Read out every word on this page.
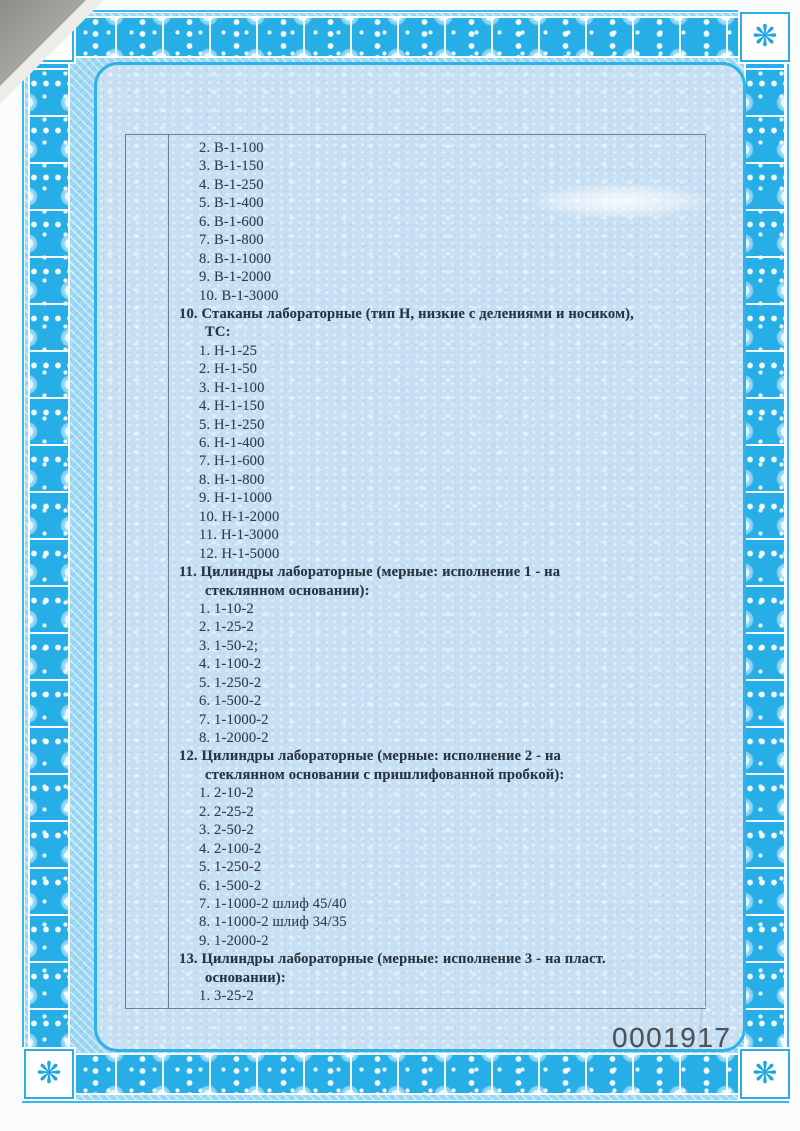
❋
❋	❋
2. В-1-100
3. В-1-150
4. В-1-250
5. В-1-400
6. В-1-600
7. В-1-800
8. В-1-1000
9. В-1-2000
10. В-1-3000
10. Стаканы лабораторные (тип Н, низкие с делениями и носиком),
ТС:
1. Н-1-25
2. Н-1-50
3. Н-1-100
4. Н-1-150
5. Н-1-250
6. Н-1-400
7. Н-1-600
8. Н-1-800
9. Н-1-1000
10. Н-1-2000
11. Н-1-3000
12. Н-1-5000
11. Цилиндры лабораторные (мерные: исполнение 1 - на
стеклянном основании):
1. 1-10-2
2. 1-25-2
3. 1-50-2;
4. 1-100-2
5. 1-250-2
6. 1-500-2
7. 1-1000-2
8. 1-2000-2
12. Цилиндры лабораторные (мерные: исполнение 2 - на
стеклянном основании с пришлифованной пробкой):
1. 2-10-2
2. 2-25-2
3. 2-50-2
4. 2-100-2
5. 1-250-2
6. 1-500-2
7. 1-1000-2 шлиф 45/40
8. 1-1000-2 шлиф 34/35
9. 1-2000-2
13. Цилиндры лабораторные (мерные: исполнение 3 - на пласт.
основании):
1. 3-25-2
0001917
